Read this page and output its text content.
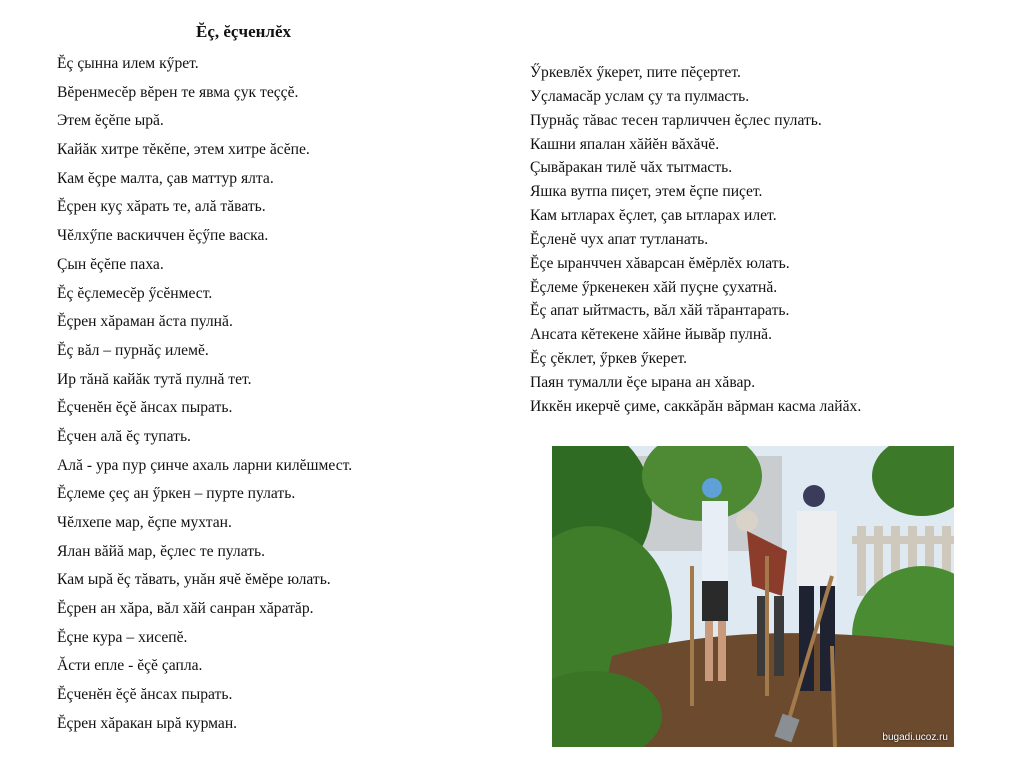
Ĕç, ĕçченлĕх
Ĕç çынна илем кӳрет.
Вĕренмесĕр вĕрен те явма çук теççĕ.
Этем ĕçĕпе ырă.
Кайăк хитре тĕкĕпе, этем хитре ăсĕпе.
Кам ĕçре малта, çав маттур ялта.
Ĕçрен куç хăрать те, алă тăвать.
Чĕлхӳпе васкиччен ĕçӳпе васка.
Çын ĕçĕпе паха.
Ĕç ĕçлемесĕр ӳсĕнмест.
Ĕçрен хăраман ăста пулнă.
Ĕç вăл – пурнăç илемĕ.
Ир тăнă кайăк тутă пулнă тет.
Ĕçченĕн ĕçĕ ăнсах пырать.
Ĕçчен алă ĕç тупать.
Алă - ура пур çинче ахаль ларни килĕшмест.
Ĕçлеме çеç ан ӳркен – пурте пулать.
Чĕлхепе мар, ĕçпе мухтан.
Ялан вăйă мар, ĕçлес те пулать.
Кам ырă ĕç тăвать, унăн ячĕ ĕмĕре юлать.
Ĕçрен ан хăра, вăл хăй санран хăратăр.
Ĕçне кура – хисепĕ.
Ăсти епле - ĕçĕ çапла.
Ĕçченĕн ĕçĕ ăнсах пырать.
Ĕçрен хăракан ырă курман.
Ӳркевлĕх ӳкерет, пите пĕçертет.
Уçламасăр услам çу та пулмасть.
Пурнăç тăвас тесен тарличчен ĕçлес пулать.
Кашни япалан хăйĕн вăхăчĕ.
Çывăракан тилĕ чăх тытмасть.
Яшка вутпа пиçет, этем ĕçпе пиçет.
Кам ытларах ĕçлет, çав ытларах илет.
Ĕçленĕ чух апат тутланать.
Ĕçе ыранччен хăварсан ĕмĕрлĕх юлать.
Ĕçлеме ӳркенекен хăй пуçне çухатнă.
Ĕç апат ыйтмасть, вăл хăй тăрантарать.
Ансата кĕтекене хăйне йывăр пулнă.
Ĕç çĕклет, ӳркев ӳкерет.
Паян тумалли ĕçе ырана ан хăвар.
Иккĕн икерчĕ çиме, саккăрăн вăрман касма лайăх.
bugadi.ucoz.ru
